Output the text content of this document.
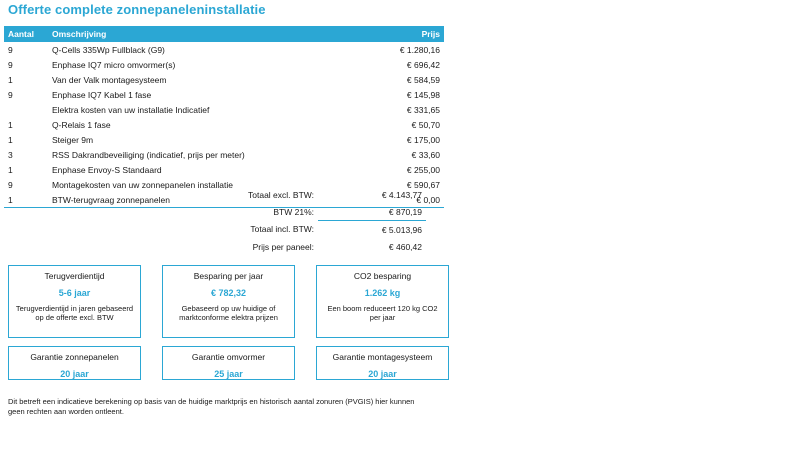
Offerte complete zonnepaneleninstallatie
Aantal	Omschrijving	Prijs
9	Q-Cells 335Wp Fullblack (G9)	€ 1.280,16
9	Enphase IQ7 micro omvormer(s)	€ 696,42
1	Van der Valk montagesysteem	€ 584,59
9	Enphase IQ7 Kabel 1 fase	€ 145,98
	Elektra kosten van uw installatie Indicatief	€ 331,65
1	Q-Relais 1 fase	€ 50,70
1	Steiger 9m	€ 175,00
3	RSS Dakrandbeveiliging (indicatief, prijs per meter)	€ 33,60
1	Enphase Envoy-S Standaard	€ 255,00
9	Montagekosten van uw zonnepanelen installatie	€ 590,67
1	BTW-terugvraag zonnepanelen	€ 0,00
Totaal excl. BTW:	€ 4.143,77
BTW 21%:	€ 870,19
Totaal incl. BTW:	€ 5.013,96
Prijs per paneel:	€ 460,42
Terugverdientijd
5-6 jaar
Terugverdientijd in jaren gebaseerd op de offerte excl. BTW
Besparing per jaar
€ 782,32
Gebaseerd op uw huidige of marktconforme elektra prijzen
CO2 besparing
1.262 kg
Een boom reduceert 120 kg CO2 per jaar
Garantie zonnepanelen
20 jaar
Garantie omvormer
25 jaar
Garantie montagesysteem
20 jaar
Dit betreft een indicatieve berekening op basis van de huidige marktprijs en historisch aantal zonuren (PVGIS) hier kunnen geen rechten aan worden ontleent.
